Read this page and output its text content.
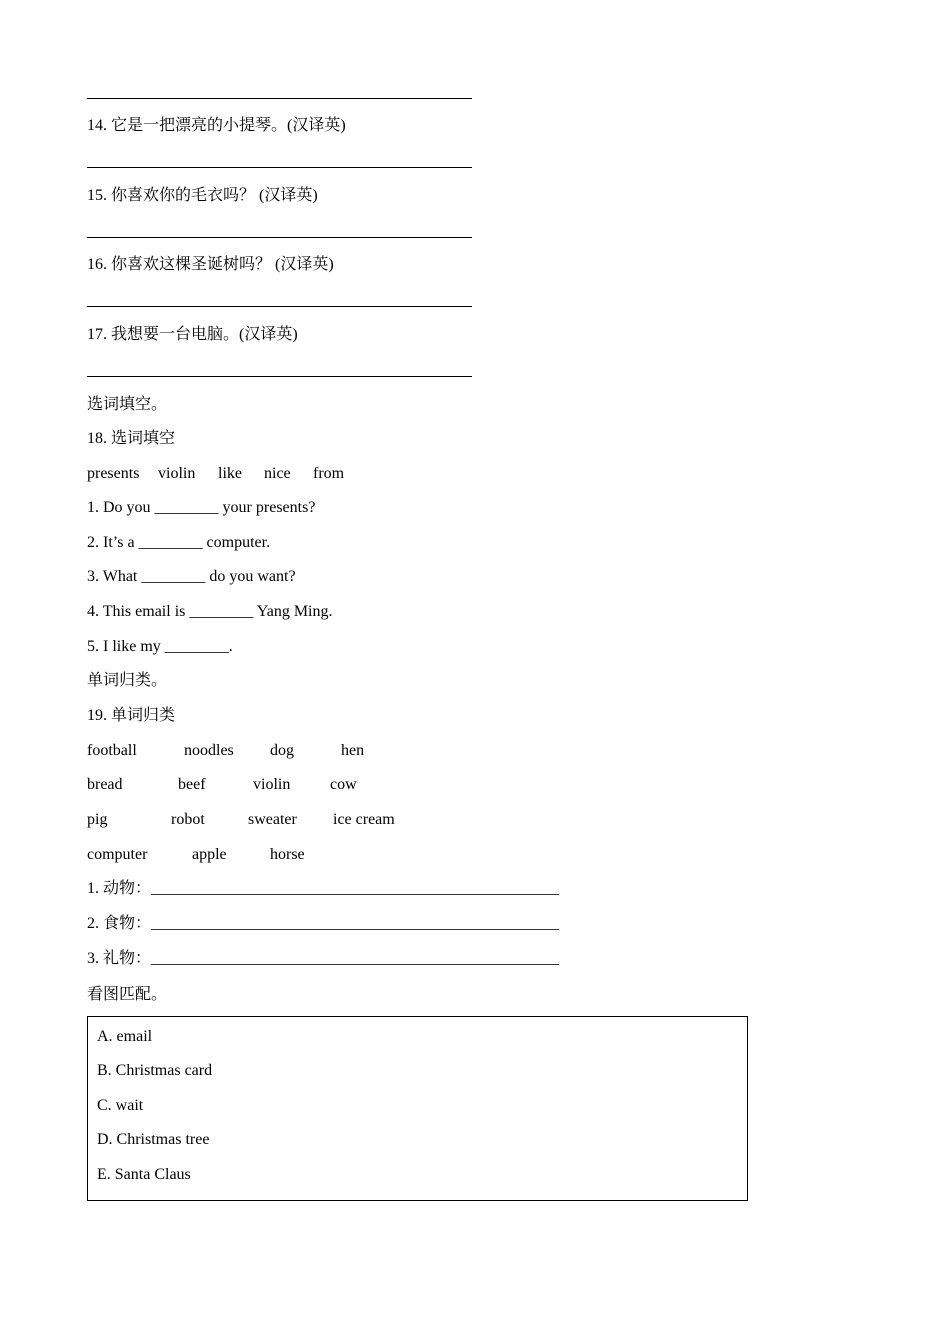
14. 它是一把漂亮的小提琴。(汉译英)
15. 你喜欢你的毛衣吗？ (汉译英)
16. 你喜欢这棵圣诞树吗？ (汉译英)
17. 我想要一台电脑。(汉译英)
选词填空。
18. 选词填空
presents violin like nice from
1. Do you ________ your presents?
2. It’s a ________ computer.
3. What ________ do you want?
4. This email is ________ Yang Ming.
5. I like my ________.
单词归类。
19. 单词归类
football	noodles dog	hen
bread	beef	violin cow
pig	robot	sweater ice cream
computer	apple	horse
1. 动物：___________________________________________________
2. 食物：___________________________________________________
3. 礼物：___________________________________________________
看图匹配。
A. email
B. Christmas card
C. wait
D. Christmas tree
E. Santa Claus
